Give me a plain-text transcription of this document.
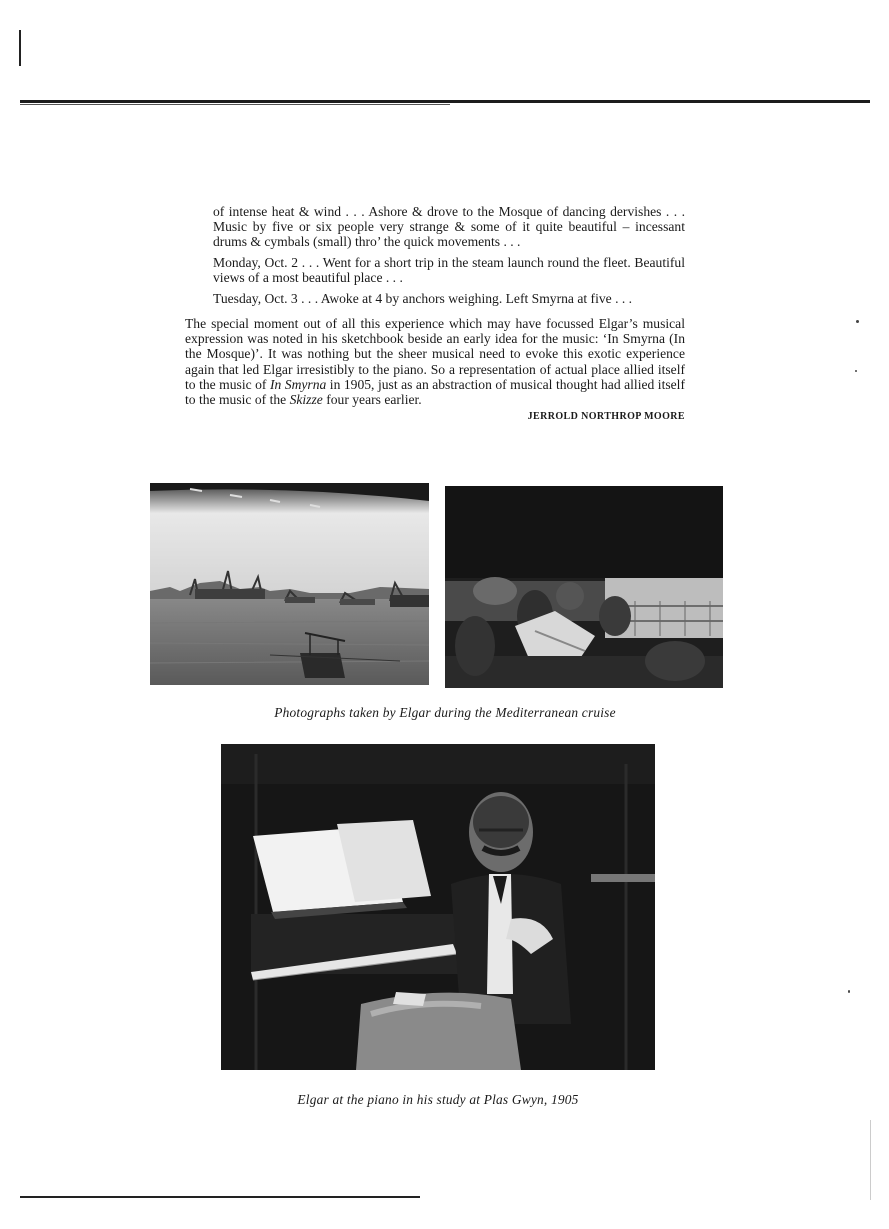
of intense heat & wind . . . Ashore & drove to the Mosque of dancing dervishes . . . Music by five or six people very strange & some of it quite beautiful – incessant drums & cymbals (small) thro’ the quick movements . . .

Monday, Oct. 2 . . . Went for a short trip in the steam launch round the fleet. Beautiful views of a most beautiful place . . .

Tuesday, Oct. 3 . . . Awoke at 4 by anchors weighing. Left Smyrna at five . . .

The special moment out of all this experience which may have focussed Elgar’s musical expression was noted in his sketchbook beside an early idea for the music: ‘In Smyrna (In the Mosque)’. It was nothing but the sheer musical need to evoke this exotic experience again that led Elgar irresistibly to the piano. So a representation of actual place allied itself to the music of In Smyrna in 1905, just as an abstraction of musical thought had allied itself to the music of the Skizze four years earlier.

JERROLD NORTHROP MOORE
Photographs taken by Elgar during the Mediterranean cruise
Elgar at the piano in his study at Plas Gwyn, 1905
